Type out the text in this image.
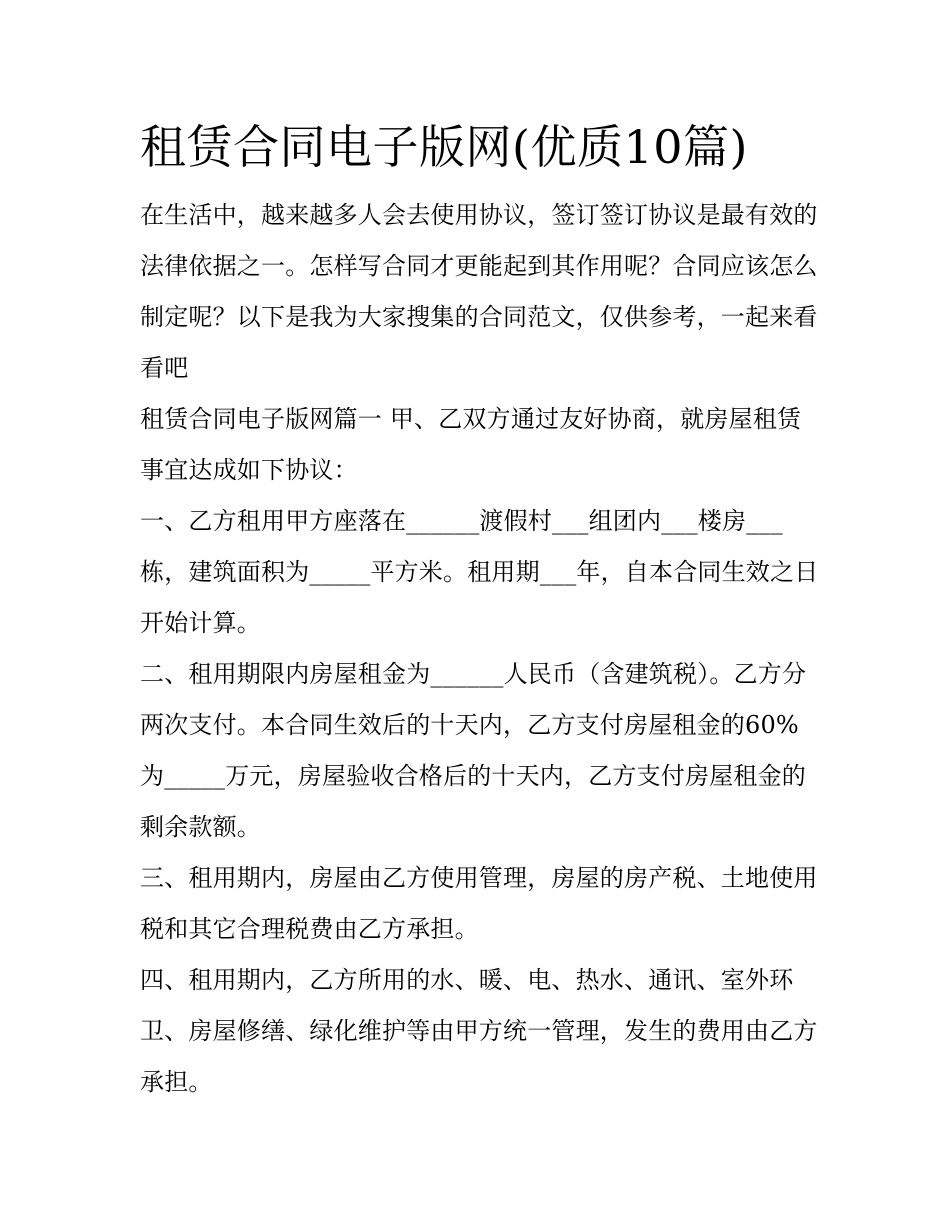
租赁合同电子版网(优质10篇)

在生活中，越来越多人会去使用协议，签订签订协议是最有效的法律依据之一。怎样写合同才更能起到其作用呢？合同应该怎么制定呢？以下是我为大家搜集的合同范文，仅供参考，一起来看看吧

租赁合同电子版网篇一 甲、乙双方通过友好协商，就房屋租赁事宜达成如下协议：

一、乙方租用甲方座落在______渡假村___组团内___楼房___栋，建筑面积为_____平方米。租用期___年，自本合同生效之日开始计算。

二、租用期限内房屋租金为______人民币（含建筑税）。乙方分两次支付。本合同生效后的十天内，乙方支付房屋租金的60%为_____万元，房屋验收合格后的十天内，乙方支付房屋租金的剩余款额。

三、租用期内，房屋由乙方使用管理，房屋的房产税、土地使用税和其它合理税费由乙方承担。

四、租用期内，乙方所用的水、暖、电、热水、通讯、室外环卫、房屋修缮、绿化维护等由甲方统一管理，发生的费用由乙方承担。
